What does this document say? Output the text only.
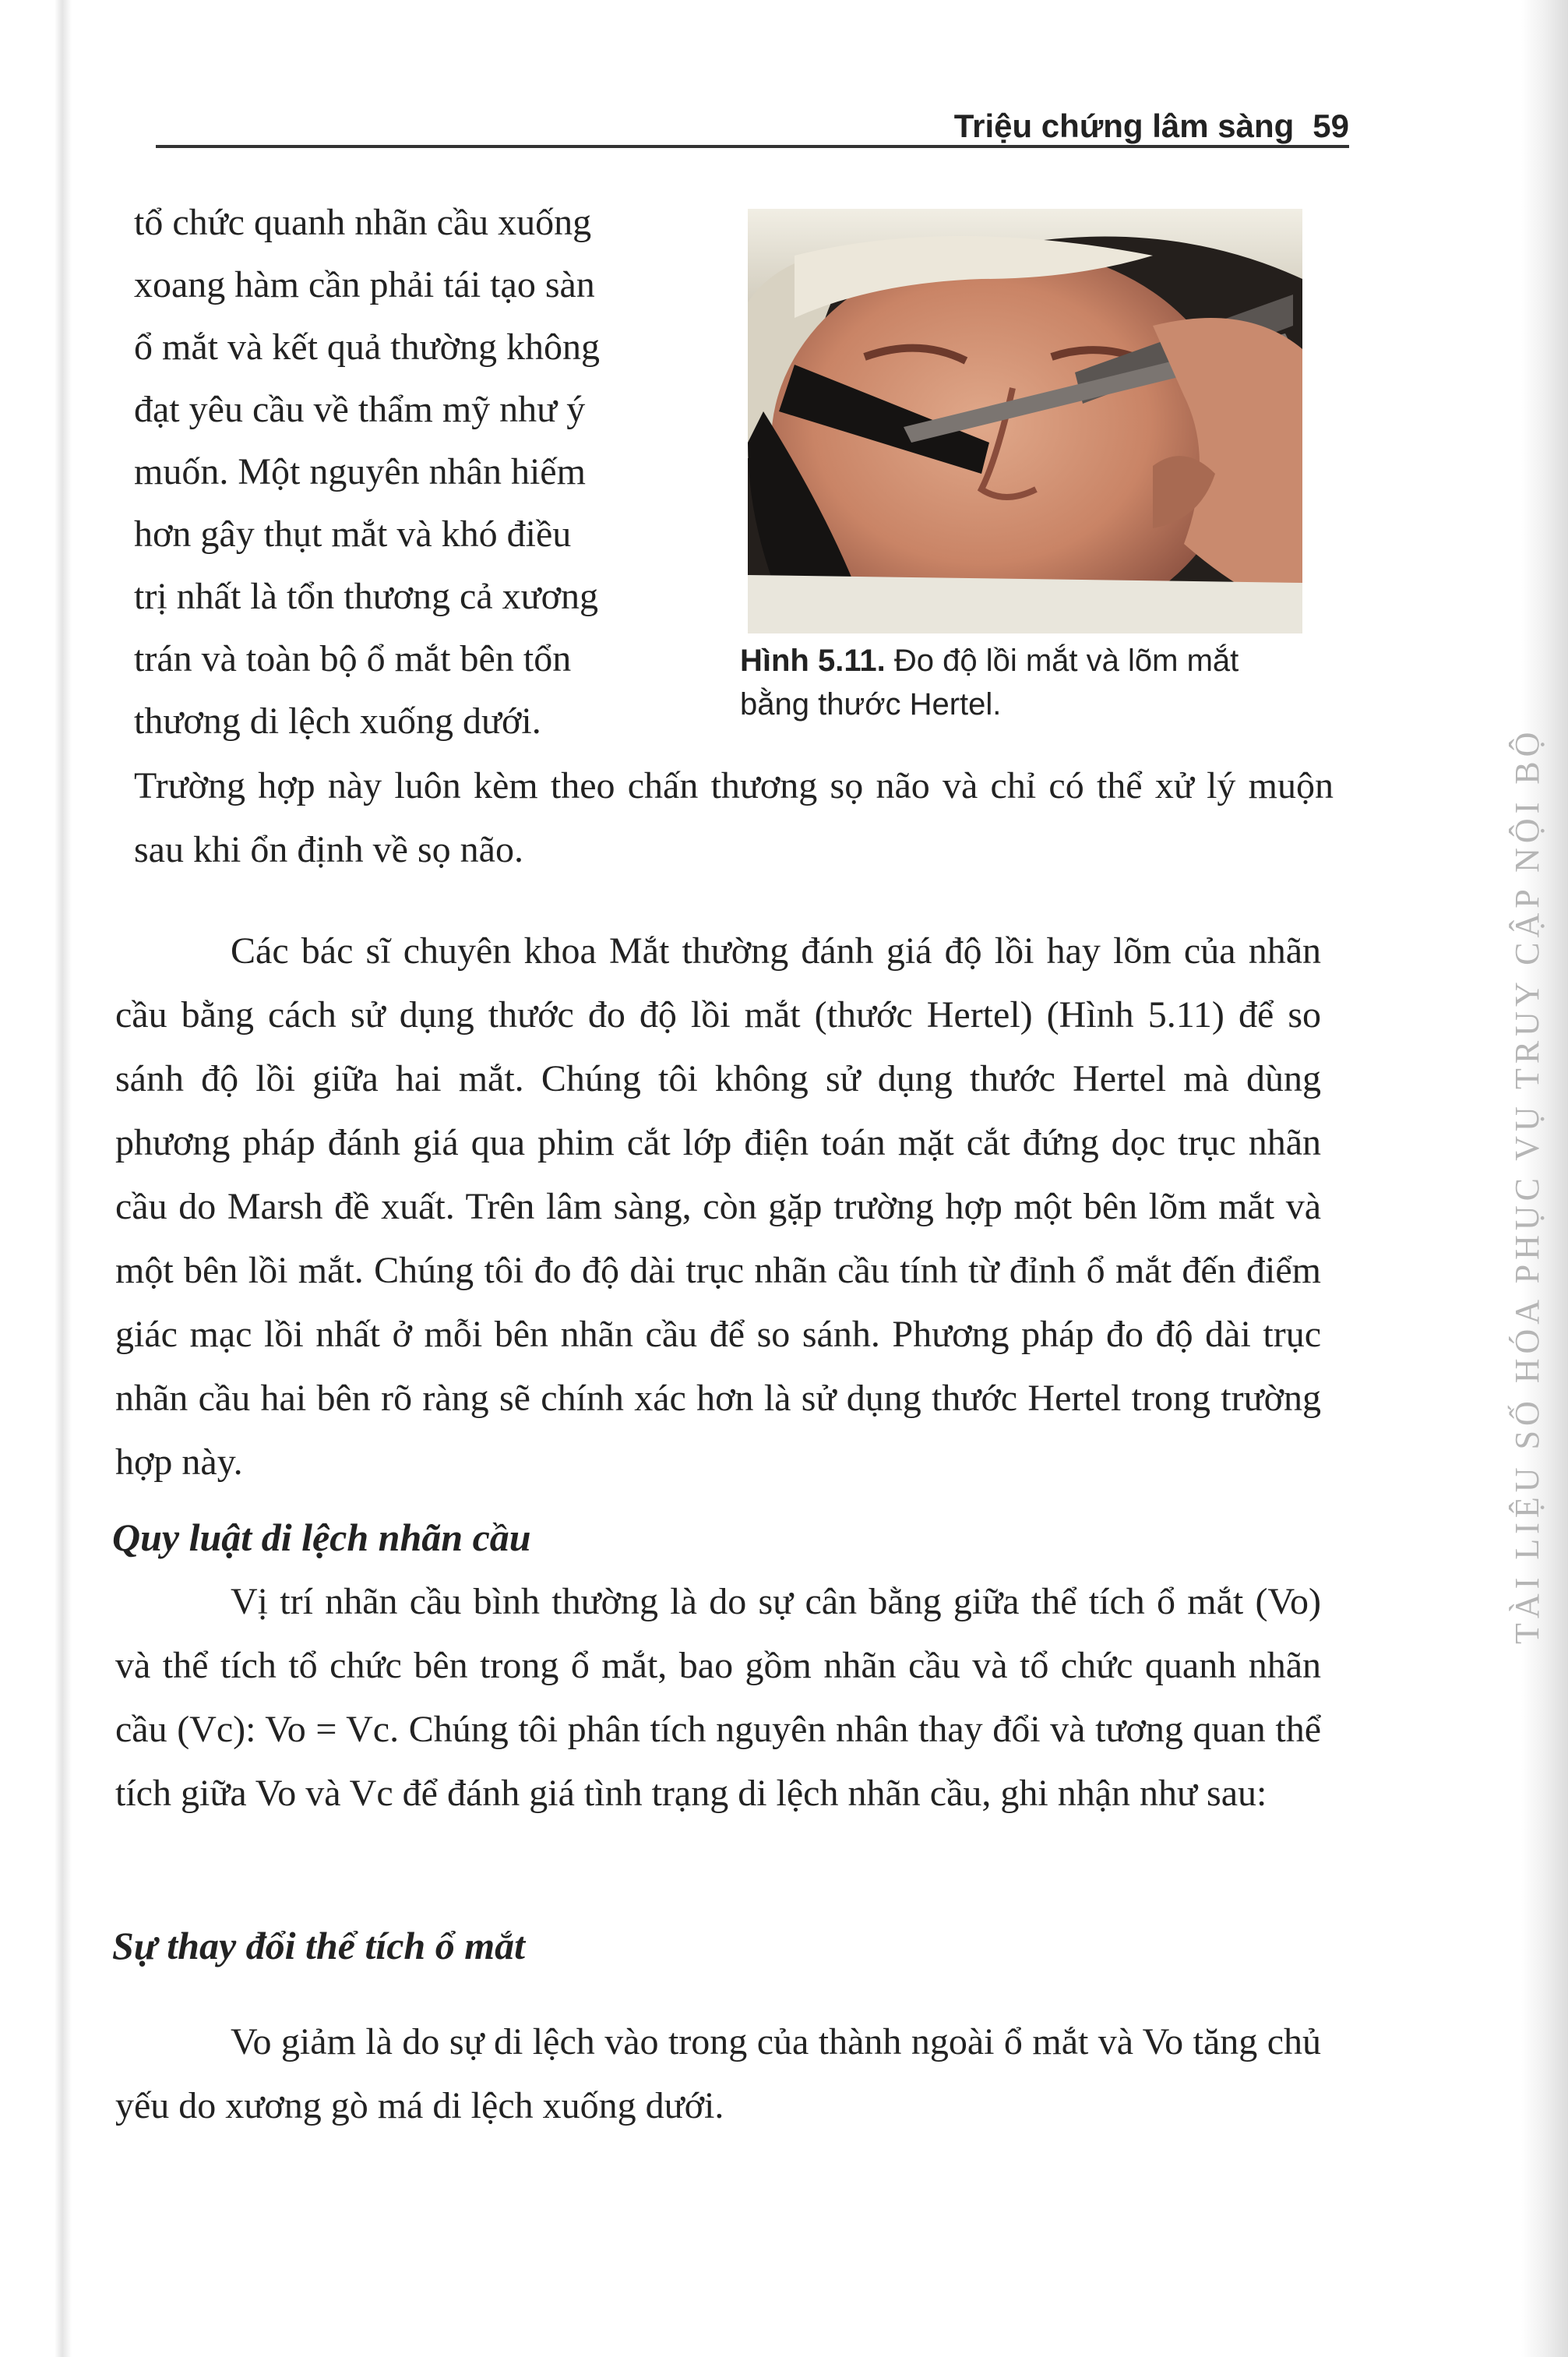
Triệu chứng lâm sàng 59
tổ chức quanh nhãn cầu xuống
xoang hàm cần phải tái tạo sàn
ổ mắt và kết quả thường không
đạt yêu cầu về thẩm mỹ như ý
muốn. Một nguyên nhân hiếm
hơn gây thụt mắt và khó điều
trị nhất là tổn thương cả xương
trán và toàn bộ ổ mắt bên tổn
thương di lệch xuống dưới.
Hình 5.11. Đo độ lồi mắt và lõm mắt bằng thước Hertel.
Trường hợp này luôn kèm theo chấn thương sọ não và chỉ có thể xử lý muộn sau khi ổn định về sọ não.
Các bác sĩ chuyên khoa Mắt thường đánh giá độ lồi hay lõm của nhãn cầu bằng cách sử dụng thước đo độ lồi mắt (thước Hertel) (Hình 5.11) để so sánh độ lồi giữa hai mắt. Chúng tôi không sử dụng thước Hertel mà dùng phương pháp đánh giá qua phim cắt lớp điện toán mặt cắt đứng dọc trục nhãn cầu do Marsh đề xuất. Trên lâm sàng, còn gặp trường hợp một bên lõm mắt và một bên lồi mắt. Chúng tôi đo độ dài trục nhãn cầu tính từ đỉnh ổ mắt đến điểm giác mạc lồi nhất ở mỗi bên nhãn cầu để so sánh. Phương pháp đo độ dài trục nhãn cầu hai bên rõ ràng sẽ chính xác hơn là sử dụng thước Hertel trong trường hợp này.
Quy luật di lệch nhãn cầu
Vị trí nhãn cầu bình thường là do sự cân bằng giữa thể tích ổ mắt (Vo) và thể tích tổ chức bên trong ổ mắt, bao gồm nhãn cầu và tổ chức quanh nhãn cầu (Vc): Vo = Vc. Chúng tôi phân tích nguyên nhân thay đổi và tương quan thể tích giữa Vo và Vc để đánh giá tình trạng di lệch nhãn cầu, ghi nhận như sau:
Sự thay đổi thể tích ổ mắt
Vo giảm là do sự di lệch vào trong của thành ngoài ổ mắt và Vo tăng chủ yếu do xương gò má di lệch xuống dưới.
TÀI LIỆU SỐ HÓA PHỤC VỤ TRUY CẬP NỘI BỘ
